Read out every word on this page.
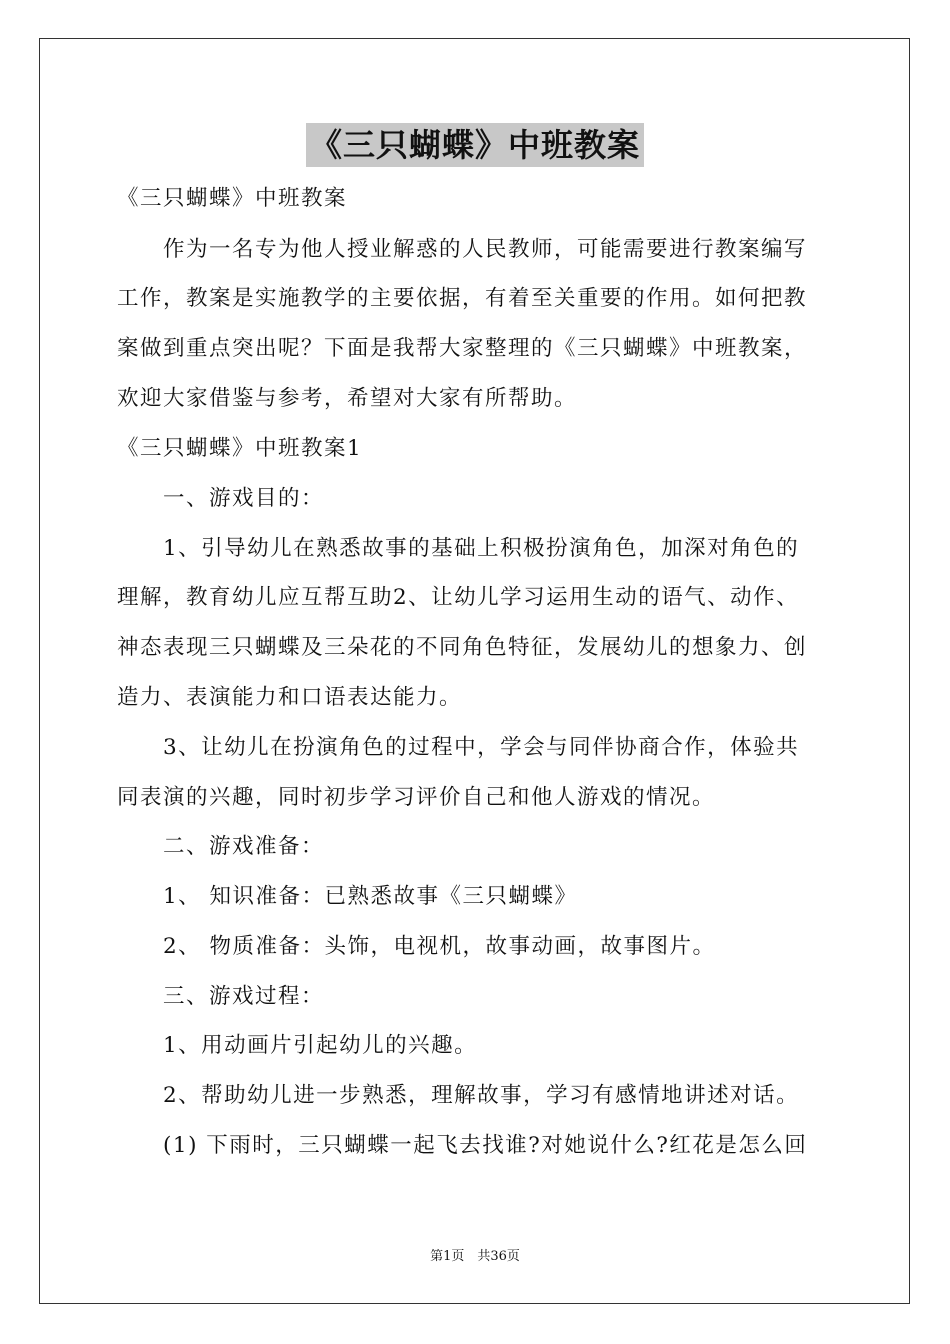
《三只蝴蝶》中班教案
《三只蝴蝶》中班教案
作为一名专为他人授业解惑的人民教师，可能需要进行教案编写
工作，教案是实施教学的主要依据，有着至关重要的作用。如何把教
案做到重点突出呢？下面是我帮大家整理的《三只蝴蝶》中班教案，
欢迎大家借鉴与参考，希望对大家有所帮助。
《三只蝴蝶》中班教案1
一、游戏目的：
1、引导幼儿在熟悉故事的基础上积极扮演角色，加深对角色的
理解，教育幼儿应互帮互助2、让幼儿学习运用生动的语气、动作、
神态表现三只蝴蝶及三朵花的不同角色特征，发展幼儿的想象力、创
造力、表演能力和口语表达能力。
3、让幼儿在扮演角色的过程中，学会与同伴协商合作，体验共
同表演的兴趣，同时初步学习评价自己和他人游戏的情况。
二、游戏准备：
1、 知识准备：已熟悉故事《三只蝴蝶》
2、 物质准备：头饰，电视机，故事动画，故事图片。
三、游戏过程：
1、用动画片引起幼儿的兴趣。
2、帮助幼儿进一步熟悉，理解故事，学习有感情地讲述对话。
(1) 下雨时，三只蝴蝶一起飞去找谁?对她说什么?红花是怎么回
第1页　共36页
